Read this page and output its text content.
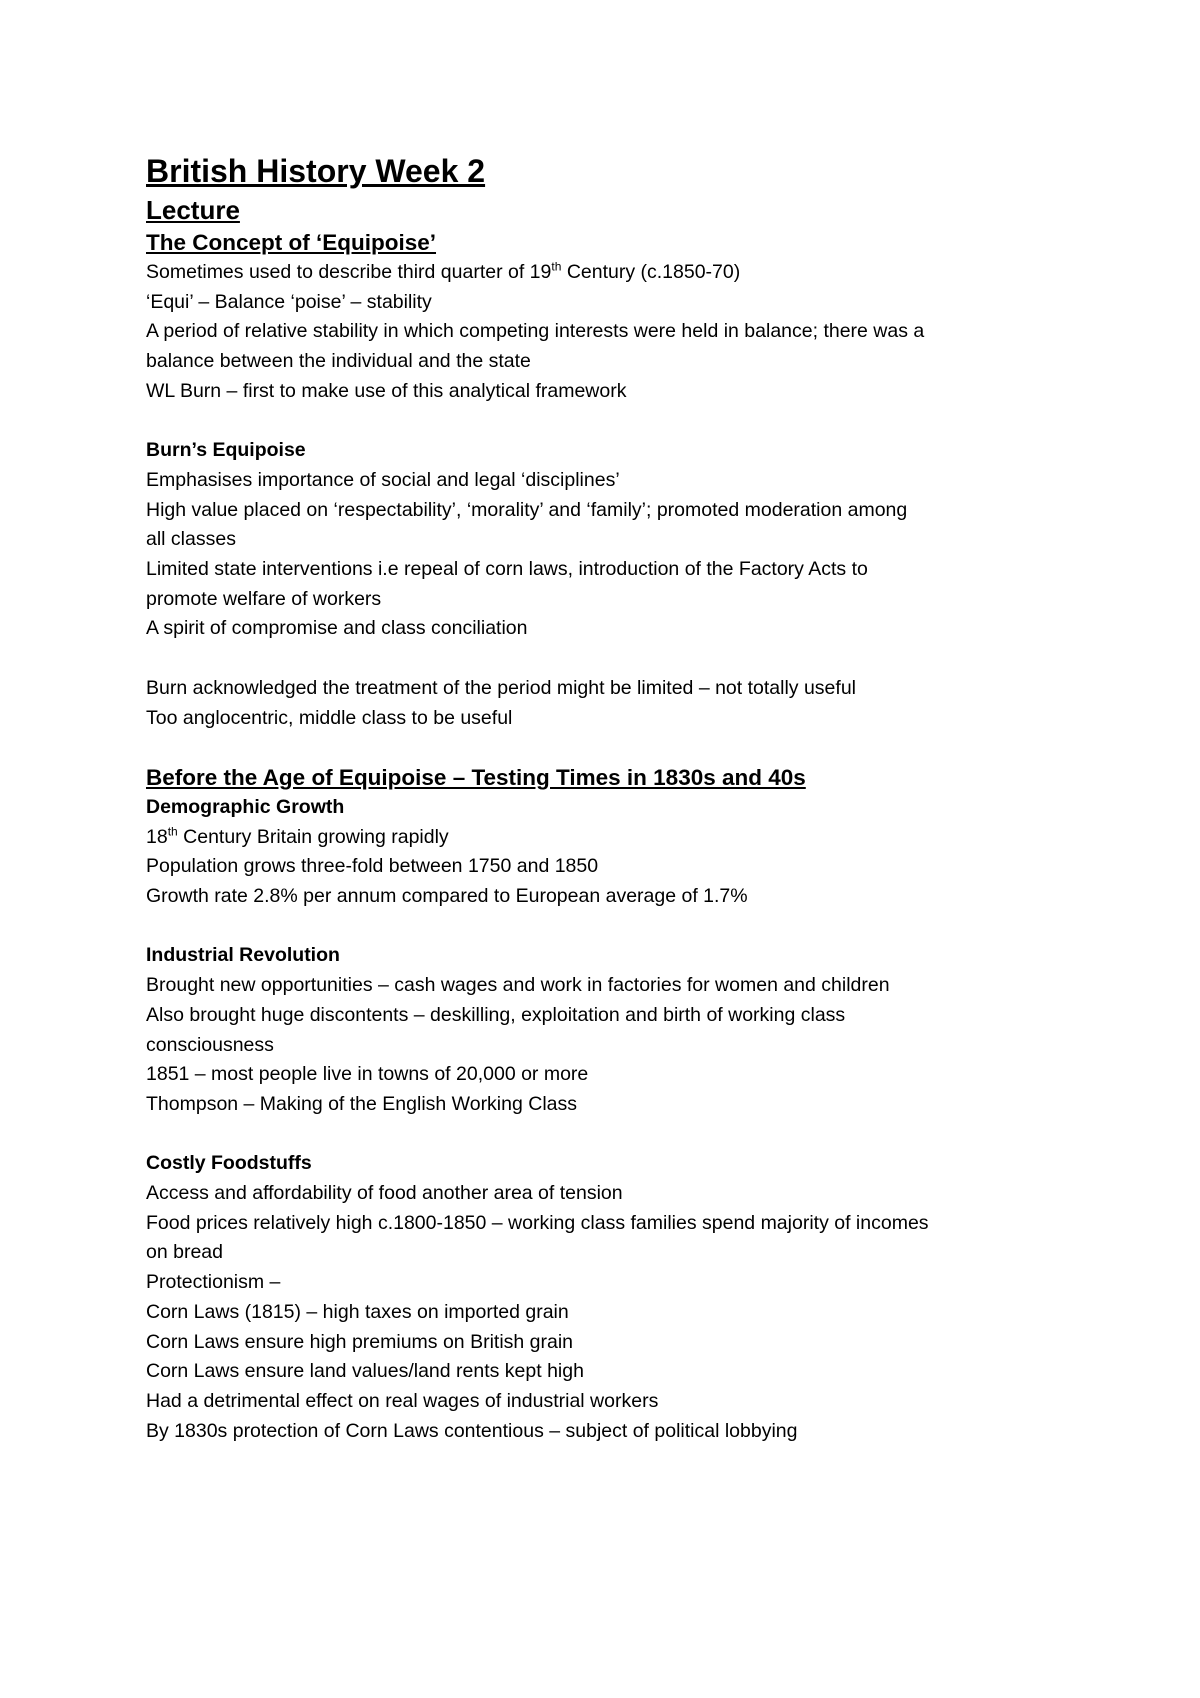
British History Week 2
Lecture
The Concept of ‘Equipoise’

Sometimes used to describe third quarter of 19th Century (c.1850-70)

‘Equi’ – Balance ‘poise’ – stability

A period of relative stability in which competing interests were held in balance; there was a

balance between the individual and the state

WL Burn – first to make use of this analytical framework

Burn’s Equipoise

Emphasises importance of social and legal ‘disciplines’

High value placed on ‘respectability’, ‘morality’ and ‘family’; promoted moderation among

all classes

Limited state interventions i.e repeal of corn laws, introduction of the Factory Acts to

promote welfare of workers

A spirit of compromise and class conciliation

Burn acknowledged the treatment of the period might be limited – not totally useful

Too anglocentric, middle class to be useful

Before the Age of Equipoise – Testing Times in 1830s and 40s
Demographic Growth

18th Century Britain growing rapidly

Population grows three-fold between 1750 and 1850

Growth rate 2.8% per annum compared to European average of 1.7%

Industrial Revolution

Brought new opportunities – cash wages and work in factories for women and children

Also brought huge discontents – deskilling, exploitation and birth of working class

consciousness

1851 – most people live in towns of 20,000 or more

Thompson – Making of the English Working Class

Costly Foodstuffs

Access and affordability of food another area of tension

Food prices relatively high c.1800-1850 – working class families spend majority of incomes

on bread

Protectionism –

Corn Laws (1815) – high taxes on imported grain

Corn Laws ensure high premiums on British grain

Corn Laws ensure land values/land rents kept high

Had a detrimental effect on real wages of industrial workers

By 1830s protection of Corn Laws contentious – subject of political lobbying
